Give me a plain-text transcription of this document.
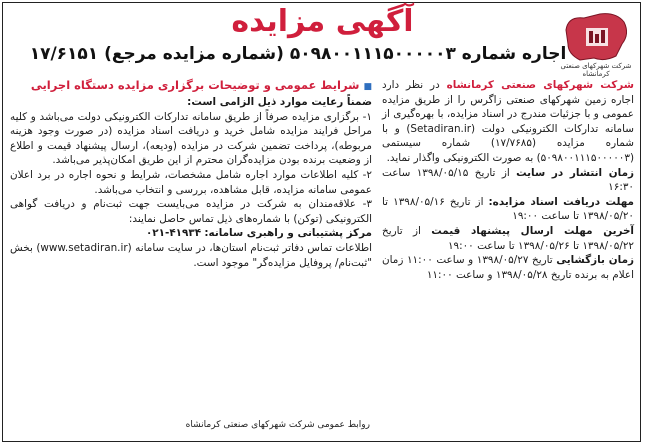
شرکت شهرکهای صنعتی کرمانشاه
آگهی مزایده
اجاره شماره ۵۰۹۸۰۰۱۱۱۵۰۰۰۰۰۳ (شماره مزایده مرجع) ۱۷/۶۱۵۱

شرکت شهرکهای صنعتی کرمانشاه در نظر دارد اجاره زمین شهرکهای صنعتی زاگرس را از طریق مزایده عمومی و با جزئیات مندرج در اسناد مزایده، با بهره‌گیری از سامانه تدارکات الکترونیکی دولت (Setadiran.ir) و با شماره مزایده (۱۷/۷۶۸۵) شماره سیستمی (۵۰۹۸۰۰۱۱۱۵۰۰۰۰۰۳) به صورت الکترونیکی واگذار نماید.

زمان انتشار در سایت از تاریخ ۱۳۹۸/۰۵/۱۵ ساعت ۱۶:۳۰

مهلت دریافت اسناد مزایده: از تاریخ ۱۳۹۸/۰۵/۱۶ تا ۱۳۹۸/۰۵/۲۰ تا ساعت ۱۹:۰۰

آخرین مهلت ارسال پیشنهاد قیمت از تاریخ ۱۳۹۸/۰۵/۲۲ تا ۱۳۹۸/۰۵/۲۶ تا ساعت ۱۹:۰۰

زمان بازگشایی تاریخ ۱۳۹۸/۰۵/۲۷ و ساعت ۱۱:۰۰ زمان اعلام به برنده تاریخ ۱۳۹۸/۰۵/۲۸ و ساعت ۱۱:۰۰

■ شرایط عمومی و توضیحات برگزاری مزایده دستگاه اجرایی

ضمناً رعایت موارد ذیل الزامی است:

۱- برگزاری مزایده صرفاً از طریق سامانه تدارکات الکترونیکی دولت می‌باشد و کلیه مراحل فرایند مزایده شامل خرید و دریافت اسناد مزایده (در صورت وجود هزینه مربوطه)، پرداخت تضمین شرکت در مزایده (ودیعه)، ارسال پیشنهاد قیمت و اطلاع از وضعیت برنده بودن مزایده‌گران محترم از این طریق امکان‌پذیر می‌باشد.

۲- کلیه اطلاعات موارد اجاره شامل مشخصات، شرایط و نحوه اجاره در برد اعلان عمومی سامانه مزایده، قابل مشاهده، بررسی و انتخاب می‌باشد.

۳- علاقه‌مندان به شرکت در مزایده می‌بایست جهت ثبت‌نام و دریافت گواهی الکترونیکی (توکن) با شماره‌های ذیل تماس حاصل نمایند:

مرکز پشتیبانی و راهبری سامانه: ۴۱۹۳۴-۰۲۱

اطلاعات تماس دفاتر ثبت‌نام استان‌ها، در سایت سامانه (www.setadiran.ir) بخش "ثبت‌نام/ پروفایل مزایده‌گر" موجود است.

روابط عمومی شرکت شهرکهای صنعتی کرمانشاه
